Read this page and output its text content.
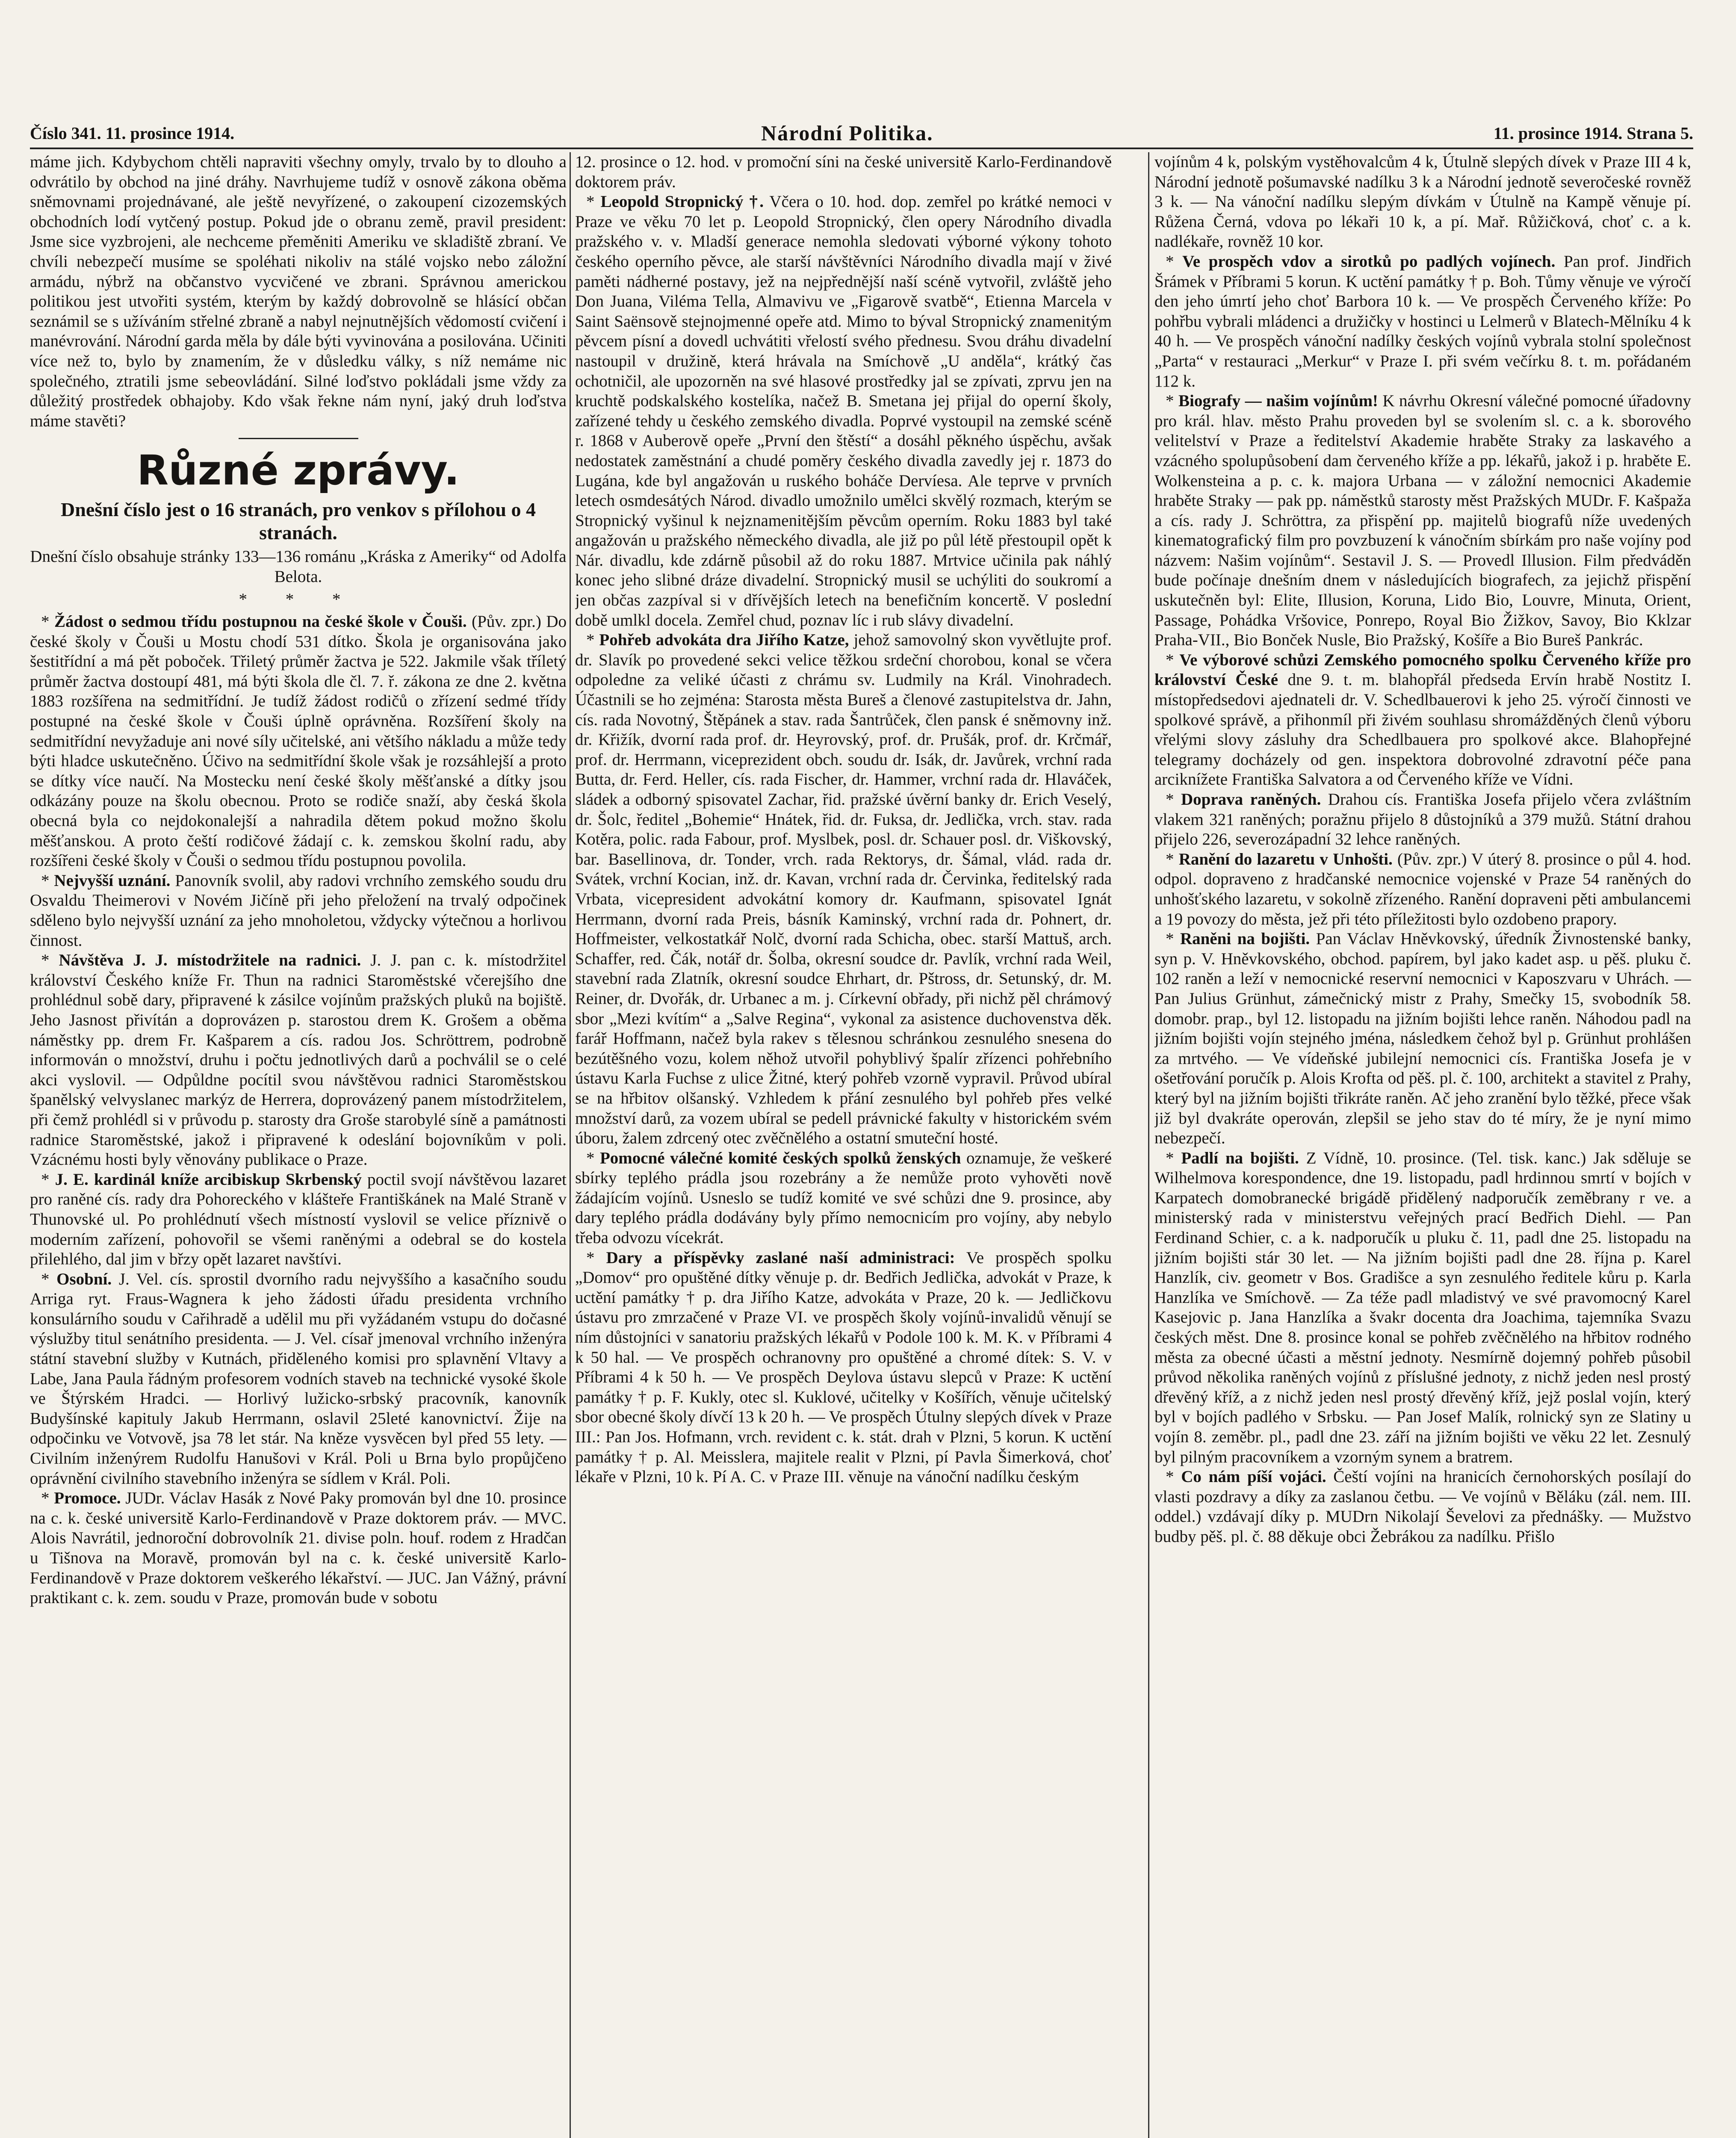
Číslo 341. 11. prosince 1914.	Národní Politika.	11. prosince 1914. Strana 5.

máme jich. Kdybychom chtěli napraviti všechny omyly, trvalo by to dlouho a odvrátilo by obchod na jiné dráhy. Navrhujeme tudíž v osnově zákona oběma sněmovnami projednávané, ale ještě nevyřízené, o zakoupení cizozemských obchodních lodí vytčený postup. Pokud jde o obranu země, pravil president: Jsme sice vyzbrojeni, ale nechceme přeměniti Ameriku ve skladiště zbraní. Ve chvíli nebezpečí musíme se spoléhati nikoliv na stálé vojsko nebo záložní armádu, nýbrž na občanstvo vycvičené ve zbrani. Správnou americkou politikou jest utvořiti systém, kterým by každý dobrovolně se hlásící občan seznámil se s užíváním střelné zbraně a nabyl nejnutnějších vědomostí cvičení i manévrování. Národní garda měla by dále býti vyvinována a posilována. Učiniti více než to, bylo by znamením, že v důsledku války, s níž nemáme nic společného, ztratili jsme sebeovládání. Silné loďstvo pokládali jsme vždy za důležitý prostředek obhajoby. Kdo však řekne nám nyní, jaký druh loďstva máme stavěti?

Různé zprávy.
Dnešní číslo jest o 16 stranách, pro venkov s přílohou o 4 stranách.

Dnešní číslo obsahuje stránky 133—136 románu „Kráska z Ameriky“ od Adolfa Belota.

* * *

* Žádost o sedmou třídu postupnou na české škole v Čouši. (Pův. zpr.) Do české školy v Čouši u Mostu chodí 531 dítko. Škola je organisována jako šestitřídní a má pět poboček. Třiletý průměr žactva je 522. Jakmile však tříletý průměr žactva dostoupí 481, má býti škola dle čl. 7. ř. zákona ze dne 2. května 1883 rozšířena na sedmitřídní. Je tudíž žádost rodičů o zřízení sedmé třídy postupné na české škole v Čouši úplně oprávněna. Rozšíření školy na sedmitřídní nevyžaduje ani nové síly učitelské, ani většího nákladu a může tedy býti hladce uskutečněno. Účivo na sedmitřídní škole však je rozsáhlejší a proto se dítky více naučí. Na Mostecku není české školy měšťanské a dítky jsou odkázány pouze na školu obecnou. Proto se rodiče snaží, aby česká škola obecná byla co nejdokonalejší a nahradila dětem pokud možno školu měšťanskou. A proto čeští rodičové žádají c. k. zemskou školní radu, aby rozšířeni české školy v Čouši o sedmou třídu postupnou povolila.

* Nejvyšší uznání. Panovník svolil, aby radovi vrchního zemského soudu dru Osvaldu Theimerovi v Novém Jičíně při jeho přeložení na trvalý odpočinek sděleno bylo nejvyšší uznání za jeho mnoholetou, vždycky výtečnou a horlivou činnost.

* Návštěva J. J. místodržitele na radnici. J. J. pan c. k. místodržitel království Českého kníže Fr. Thun na radnici Staroměstské včerejšího dne prohlédnul sobě dary, připravené k zásilce vojínům pražských pluků na bojiště. Jeho Jasnost přivítán a doprovázen p. starostou drem K. Grošem a oběma náměstky pp. drem Fr. Kašparem a cís. radou Jos. Schröttrem, podrobně informován o množství, druhu i počtu jednotlivých darů a pochválil se o celé akci vyslovil. — Odpůldne pocítil svou návštěvou radnici Staroměstskou španělský velvyslanec markýz de Herrera, doprovázený panem místodržitelem, při čemž prohlédl si v průvodu p. starosty dra Groše starobylé síně a památnosti radnice Staroměstské, jakož i připravené k odeslání bojovníkům v poli. Vzácnému hosti byly věnovány publikace o Praze.

* J. E. kardinál kníže arcibiskup Skrbenský poctil svojí návštěvou lazaret pro raněné cís. rady dra Pohoreckého v klášteře Františkánek na Malé Straně v Thunovské ul. Po prohlédnutí všech místností vyslovil se velice příznivě o moderním zařízení, pohovořil se všemi raněnými a odebral se do kostela přilehlého, dal jim v břzy opět lazaret navštívi.

* Osobní. J. Vel. cís. sprostil dvorního radu nejvyššího a kasačního soudu Arriga ryt. Fraus-Wagnera k jeho žádosti úřadu presidenta vrchního konsulárního soudu v Cařihradě a udělil mu při vyžádaném vstupu do dočasné výslužby titul senátního presidenta. — J. Vel. císař jmenoval vrchního inženýra státní stavební služby v Kutnách, přiděleného komisi pro splavnění Vltavy a Labe, Jana Paula řádným profesorem vodních staveb na technické vysoké škole ve Štýrském Hradci. — Horlivý lužicko-srbský pracovník, kanovník Budyšínské kapituly Jakub Herrmann, oslavil 25leté kanovnictví. Žije na odpočinku ve Votvově, jsa 78 let stár. Na kněze vysvěcen byl před 55 lety. — Civilním inženýrem Rudolfu Hanušovi v Král. Poli u Brna bylo propůjčeno oprávnění civilního stavebního inženýra se sídlem v Král. Poli.

* Promoce. JUDr. Václav Hasák z Nové Paky promován byl dne 10. prosince na c. k. české universitě Karlo-Ferdinandově v Praze doktorem práv. — MVC. Alois Navrátil, jednoroční dobrovolník 21. divise poln. houf. rodem z Hradčan u Tišnova na Moravě, promován byl na c. k. české universitě Karlo-Ferdinandově v Praze doktorem veškerého lékařství. — JUC. Jan Vážný, právní praktikant c. k. zem. soudu v Praze, promován bude v sobotu

12. prosince o 12. hod. v promoční síni na české universitě Karlo-Ferdinandově doktorem práv.

* Leopold Stropnický †. Včera o 10. hod. dop. zemřel po krátké nemoci v Praze ve věku 70 let p. Leopold Stropnický, člen opery Národního divadla pražského v. v. Mladší generace nemohla sledovati výborné výkony tohoto českého operního pěvce, ale starší návštěvníci Národního divadla mají v živé paměti nádherné postavy, jež na nejpřednější naší scéně vytvořil, zvláště jeho Don Juana, Viléma Tella, Almavivu ve „Figarově svatbě“, Etienna Marcela v Saint Saënsově stejnojmenné opeře atd. Mimo to býval Stropnický znamenitým pěvcem písní a dovedl uchvátiti vřelostí svého přednesu. Svou dráhu divadelní nastoupil v družině, která hrávala na Smíchově „U anděla“, krátký čas ochotničil, ale upozorněn na své hlasové prostředky jal se zpívati, zprvu jen na kruchtě podskalského kostelíka, načež B. Smetana jej přijal do operní školy, zařízené tehdy u českého zemského divadla. Poprvé vystoupil na zemské scéně r. 1868 v Auberově opeře „První den štěstí“ a dosáhl pěkného úspěchu, avšak nedostatek zaměstnání a chudé poměry českého divadla zavedly jej r. 1873 do Lugána, kde byl angažován u ruského boháče Dervíesa. Ale teprve v prvních letech osmdesátých Národ. divadlo umožnilo umělci skvělý rozmach, kterým se Stropnický vyšinul k nejznamenitějším pěvcům operním. Roku 1883 byl také angažován u pražského německého divadla, ale již po půl létě přestoupil opět k Nár. divadlu, kde zdárně působil až do roku 1887. Mrtvice učinila pak náhlý konec jeho slibné dráze divadelní. Stropnický musil se uchýliti do soukromí a jen občas zazpíval si v dřívějších letech na benefičním koncertě. V poslední době umlkl docela. Zemřel chud, poznav líc i rub slávy divadelní.

* Pohřeb advokáta dra Jiřího Katze, jehož samovolný skon vyvětlujte prof. dr. Slavík po provedené sekci velice těžkou srdeční chorobou, konal se včera odpoledne za veliké účasti z chrámu sv. Ludmily na Král. Vinohradech. Účastnili se ho zejména: Starosta města Bureš a členové zastupitelstva dr. Jahn, cís. rada Novotný, Štěpánek a stav. rada Šantrůček, člen pansk é sněmovny inž. dr. Křižík, dvorní rada prof. dr. Heyrovský, prof. dr. Prušák, prof. dr. Krčmář, prof. dr. Herrmann, viceprezident obch. soudu dr. Isák, dr. Javůrek, vrchní rada Butta, dr. Ferd. Heller, cís. rada Fischer, dr. Hammer, vrchní rada dr. Hlaváček, sládek a odborný spisovatel Zachar, řid. pražské úvěrní banky dr. Erich Veselý, dr. Šolc, ředitel „Bohemie“ Hnátek, řid. dr. Fuksa, dr. Jedlička, vrch. stav. rada Kotěra, polic. rada Fabour, prof. Myslbek, posl. dr. Schauer posl. dr. Viškovský, bar. Basellinova, dr. Tonder, vrch. rada Rektorys, dr. Šámal, vlád. rada dr. Svátek, vrchní Kocian, inž. dr. Kavan, vrchní rada dr. Červinka, ředitelský rada Vrbata, vicepresident advokátní komory dr. Kaufmann, spisovatel Ignát Herrmann, dvorní rada Preis, básník Kaminský, vrchní rada dr. Pohnert, dr. Hoffmeister, velkostatkář Nolč, dvorní rada Schicha, obec. starší Mattuš, arch. Schaffer, red. Čák, notář dr. Šolba, okresní soudce dr. Pavlík, vrchní rada Weil, stavební rada Zlatník, okresní soudce Ehrhart, dr. Pštross, dr. Setunský, dr. M. Reiner, dr. Dvořák, dr. Urbanec a m. j. Církevní obřady, při nichž pěl chrámový sbor „Mezi kvítím“ a „Salve Regina“, vykonal za asistence duchovenstva děk. farář Hoffmann, načež byla rakev s tělesnou schránkou zesnulého snesena do bezútěšného vozu, kolem něhož utvořil pohyblivý špalír zřízenci pohřebního ústavu Karla Fuchse z ulice Žitné, který pohřeb vzorně vypravil. Průvod ubíral se na hřbitov olšanský. Vzhledem k přání zesnulého byl pohřeb přes velké množství darů, za vozem ubíral se pedell právnické fakulty v historickém svém úboru, žalem zdrcený otec zvěčnělého a ostatní smuteční hosté.

* Pomocné válečné komité českých spolků ženských oznamuje, že veškeré sbírky teplého prádla jsou rozebrány a že nemůže proto vyhověti nově žádajícím vojínů. Usneslo se tudíž komité ve své schůzi dne 9. prosince, aby dary teplého prádla dodávány byly přímo nemocnicím pro vojíny, aby nebylo třeba odvozu vícekrát.

* Dary a příspěvky zaslané naší administraci: Ve prospěch spolku „Domov“ pro opuštěné dítky věnuje p. dr. Bedřich Jedlička, advokát v Praze, k uctění památky † p. dra Jiřího Katze, advokáta v Praze, 20 k. — Jedličkovu ústavu pro zmrzačené v Praze VI. ve prospěch školy vojínů-invalidů věnují se ním důstojníci v sanatoriu pražských lékařů v Podole 100 k. M. K. v Příbrami 4 k 50 hal. — Ve prospěch ochranovny pro opuštěné a chromé dítek: S. V. v Příbrami 4 k 50 h. — Ve prospěch Deylova ústavu slepců v Praze: K uctění památky † p. F. Kukly, otec sl. Kuklové, učitelky v Košířích, věnuje učitelský sbor obecné školy dívčí 13 k 20 h. — Ve prospěch Útulny slepých dívek v Praze III.: Pan Jos. Hofmann, vrch. revident c. k. stát. drah v Plzni, 5 korun. K uctění památky † p. Al. Meisslera, majitele realit v Plzni, pí Pavla Šimerková, choť lékaře v Plzni, 10 k. Pí A. C. v Praze III. věnuje na vánoční nadílku českým

vojínům 4 k, polským vystěhovalcům 4 k, Útulně slepých dívek v Praze III 4 k, Národní jednotě pošumavské nadílku 3 k a Národní jednotě severočeské rovněž 3 k. — Na vánoční nadílku slepým dívkám v Útulně na Kampě věnuje pí. Růžena Černá, vdova po lékaři 10 k, a pí. Mař. Růžičková, choť c. a k. nadlékaře, rovněž 10 kor.

* Ve prospěch vdov a sirotků po padlých vojínech. Pan prof. Jindřich Šrámek v Příbrami 5 korun. K uctění památky † p. Boh. Tůmy věnuje ve výročí den jeho úmrtí jeho choť Barbora 10 k. — Ve prospěch Červeného kříže: Po pohřbu vybrali mládenci a družičky v hostinci u Lelmerů v Blatech-Mělníku 4 k 40 h. — Ve prospěch vánoční nadílky českých vojínů vybrala stolní společnost „Parta“ v restauraci „Merkur“ v Praze I. při svém večírku 8. t. m. pořádaném 112 k.

* Biografy — našim vojínům! K návrhu Okresní válečné pomocné úřadovny pro král. hlav. město Prahu proveden byl se svolením sl. c. a k. sborového velitelství v Praze a ředitelství Akademie hraběte Straky za laskavého a vzácného spolupůsobení dam červeného kříže a pp. lékařů, jakož i p. hraběte E. Wolkensteina a p. c. k. majora Urbana — v záložní nemocnici Akademie hraběte Straky — pak pp. náměstků starosty měst Pražských MUDr. F. Kašpaža a cís. rady J. Schröttra, za přispění pp. majitelů biografů níže uvedených kinematografický film pro povzbuzení k vánočním sbírkám pro naše vojíny pod názvem: Našim vojínům“. Sestavil J. S. — Provedl Illusion. Film předváděn bude počínaje dnešním dnem v následujících biografech, za jejichž přispění uskutečněn byl: Elite, Illusion, Koruna, Lido Bio, Louvre, Minuta, Orient, Passage, Pohádka Vršovice, Ponrepo, Royal Bio Žižkov, Savoy, Bio Kklzar Praha-VII., Bio Bonček Nusle, Bio Pražský, Košíře a Bio Bureš Pankrác.

* Ve výborové schůzi Zemského pomocného spolku Červeného kříže pro království České dne 9. t. m. blahopřál předseda Ervín hrabě Nostitz I. místopředsedovi ajednateli dr. V. Schedlbauerovi k jeho 25. výročí činnosti ve spolkové správě, a přihonmíl při živém souhlasu shromážděných členů výboru vřelými slovy zásluhy dra Schedlbauera pro spolkové akce. Blahopřejné telegramy docházely od gen. inspektora dobrovolné zdravotní péče pana arciknížete Františka Salvatora a od Červeného kříže ve Vídni.

* Doprava raněných. Drahou cís. Františka Josefa přijelo včera zvláštním vlakem 321 raněných; poražnu přijelo 8 důstojníků a 379 mužů. Státní drahou přijelo 226, severozápadní 32 lehce raněných.

* Ranění do lazaretu v Unhošti. (Pův. zpr.) V úterý 8. prosince o půl 4. hod. odpol. dopraveno z hradčanské nemocnice vojenské v Praze 54 raněných do unhošťského lazaretu, v sokolně zřízeného. Ranění dopraveni pěti ambulancemi a 19 povozy do města, jež při této příležitosti bylo ozdobeno prapory.

* Raněni na bojišti. Pan Václav Hněvkovský, úředník Živnostenské banky, syn p. V. Hněvkovského, obchod. papírem, byl jako kadet asp. u pěš. pluku č. 102 raněn a leží v nemocnické reservní nemocnici v Kaposzvaru v Uhrách. — Pan Julius Grünhut, zámečnický mistr z Prahy, Smečky 15, svobodník 58. domobr. prap., byl 12. listopadu na jižním bojišti lehce raněn. Náhodou padl na jižním bojišti vojín stejného jména, následkem čehož byl p. Grünhut prohlášen za mrtvého. — Ve vídeňské jubilejní nemocnici cís. Františka Josefa je v ošetřování poručík p. Alois Krofta od pěš. pl. č. 100, architekt a stavitel z Prahy, který byl na jižním bojišti třikráte raněn. Ač jeho zranění bylo těžké, přece však již byl dvakráte operován, zlepšil se jeho stav do té míry, že je nyní mimo nebezpečí.

* Padlí na bojišti. Z Vídně, 10. prosince. (Tel. tisk. kanc.) Jak sděluje se Wilhelmova korespondence, dne 19. listopadu, padl hrdinnou smrtí v bojích v Karpatech domobranecké brigádě přidělený nadporučík zeměbrany r ve. a ministerský rada v ministerstvu veřejných prací Bedřich Diehl. — Pan Ferdinand Schier, c. a k. nadporučík u pluku č. 11, padl dne 25. listopadu na jižním bojišti stár 30 let. — Na jižním bojišti padl dne 28. října p. Karel Hanzlík, civ. geometr v Bos. Gradišce a syn zesnulého ředitele kůru p. Karla Hanzlíka ve Smíchově. — Za téže padl mladistvý ve své pravomocný Karel Kasejovic p. Jana Hanzlíka a švakr docenta dra Joachima, tajemníka Svazu českých měst. Dne 8. prosince konal se pohřeb zvěčnělého na hřbitov rodného města za obecné účasti a městní jednoty. Nesmírně dojemný pohřeb působil průvod několika raněných vojínů z příslušné jednoty, z nichž jeden nesl prostý dřevěný kříž, a z nichž jeden nesl prostý dřevěný kříž, jejž poslal vojín, který byl v bojích padlého v Srbsku. — Pan Josef Malík, rolnický syn ze Slatiny u vojín 8. zeměbr. pl., padl dne 23. září na jižním bojišti ve věku 22 let. Zesnulý byl pilným pracovníkem a vzorným synem a bratrem.

* Co nám píší vojáci. Čeští vojíni na hranicích černohorských posílají do vlasti pozdravy a díky za zaslanou četbu. — Ve vojínů v Běláku (zál. nem. III. oddel.) vzdávají díky p. MUDrn Nikolají Ševelovi za přednášky. — Mužstvo budby pěš. pl. č. 88 děkuje obci Žebrákou za nadílku. Přišlo
